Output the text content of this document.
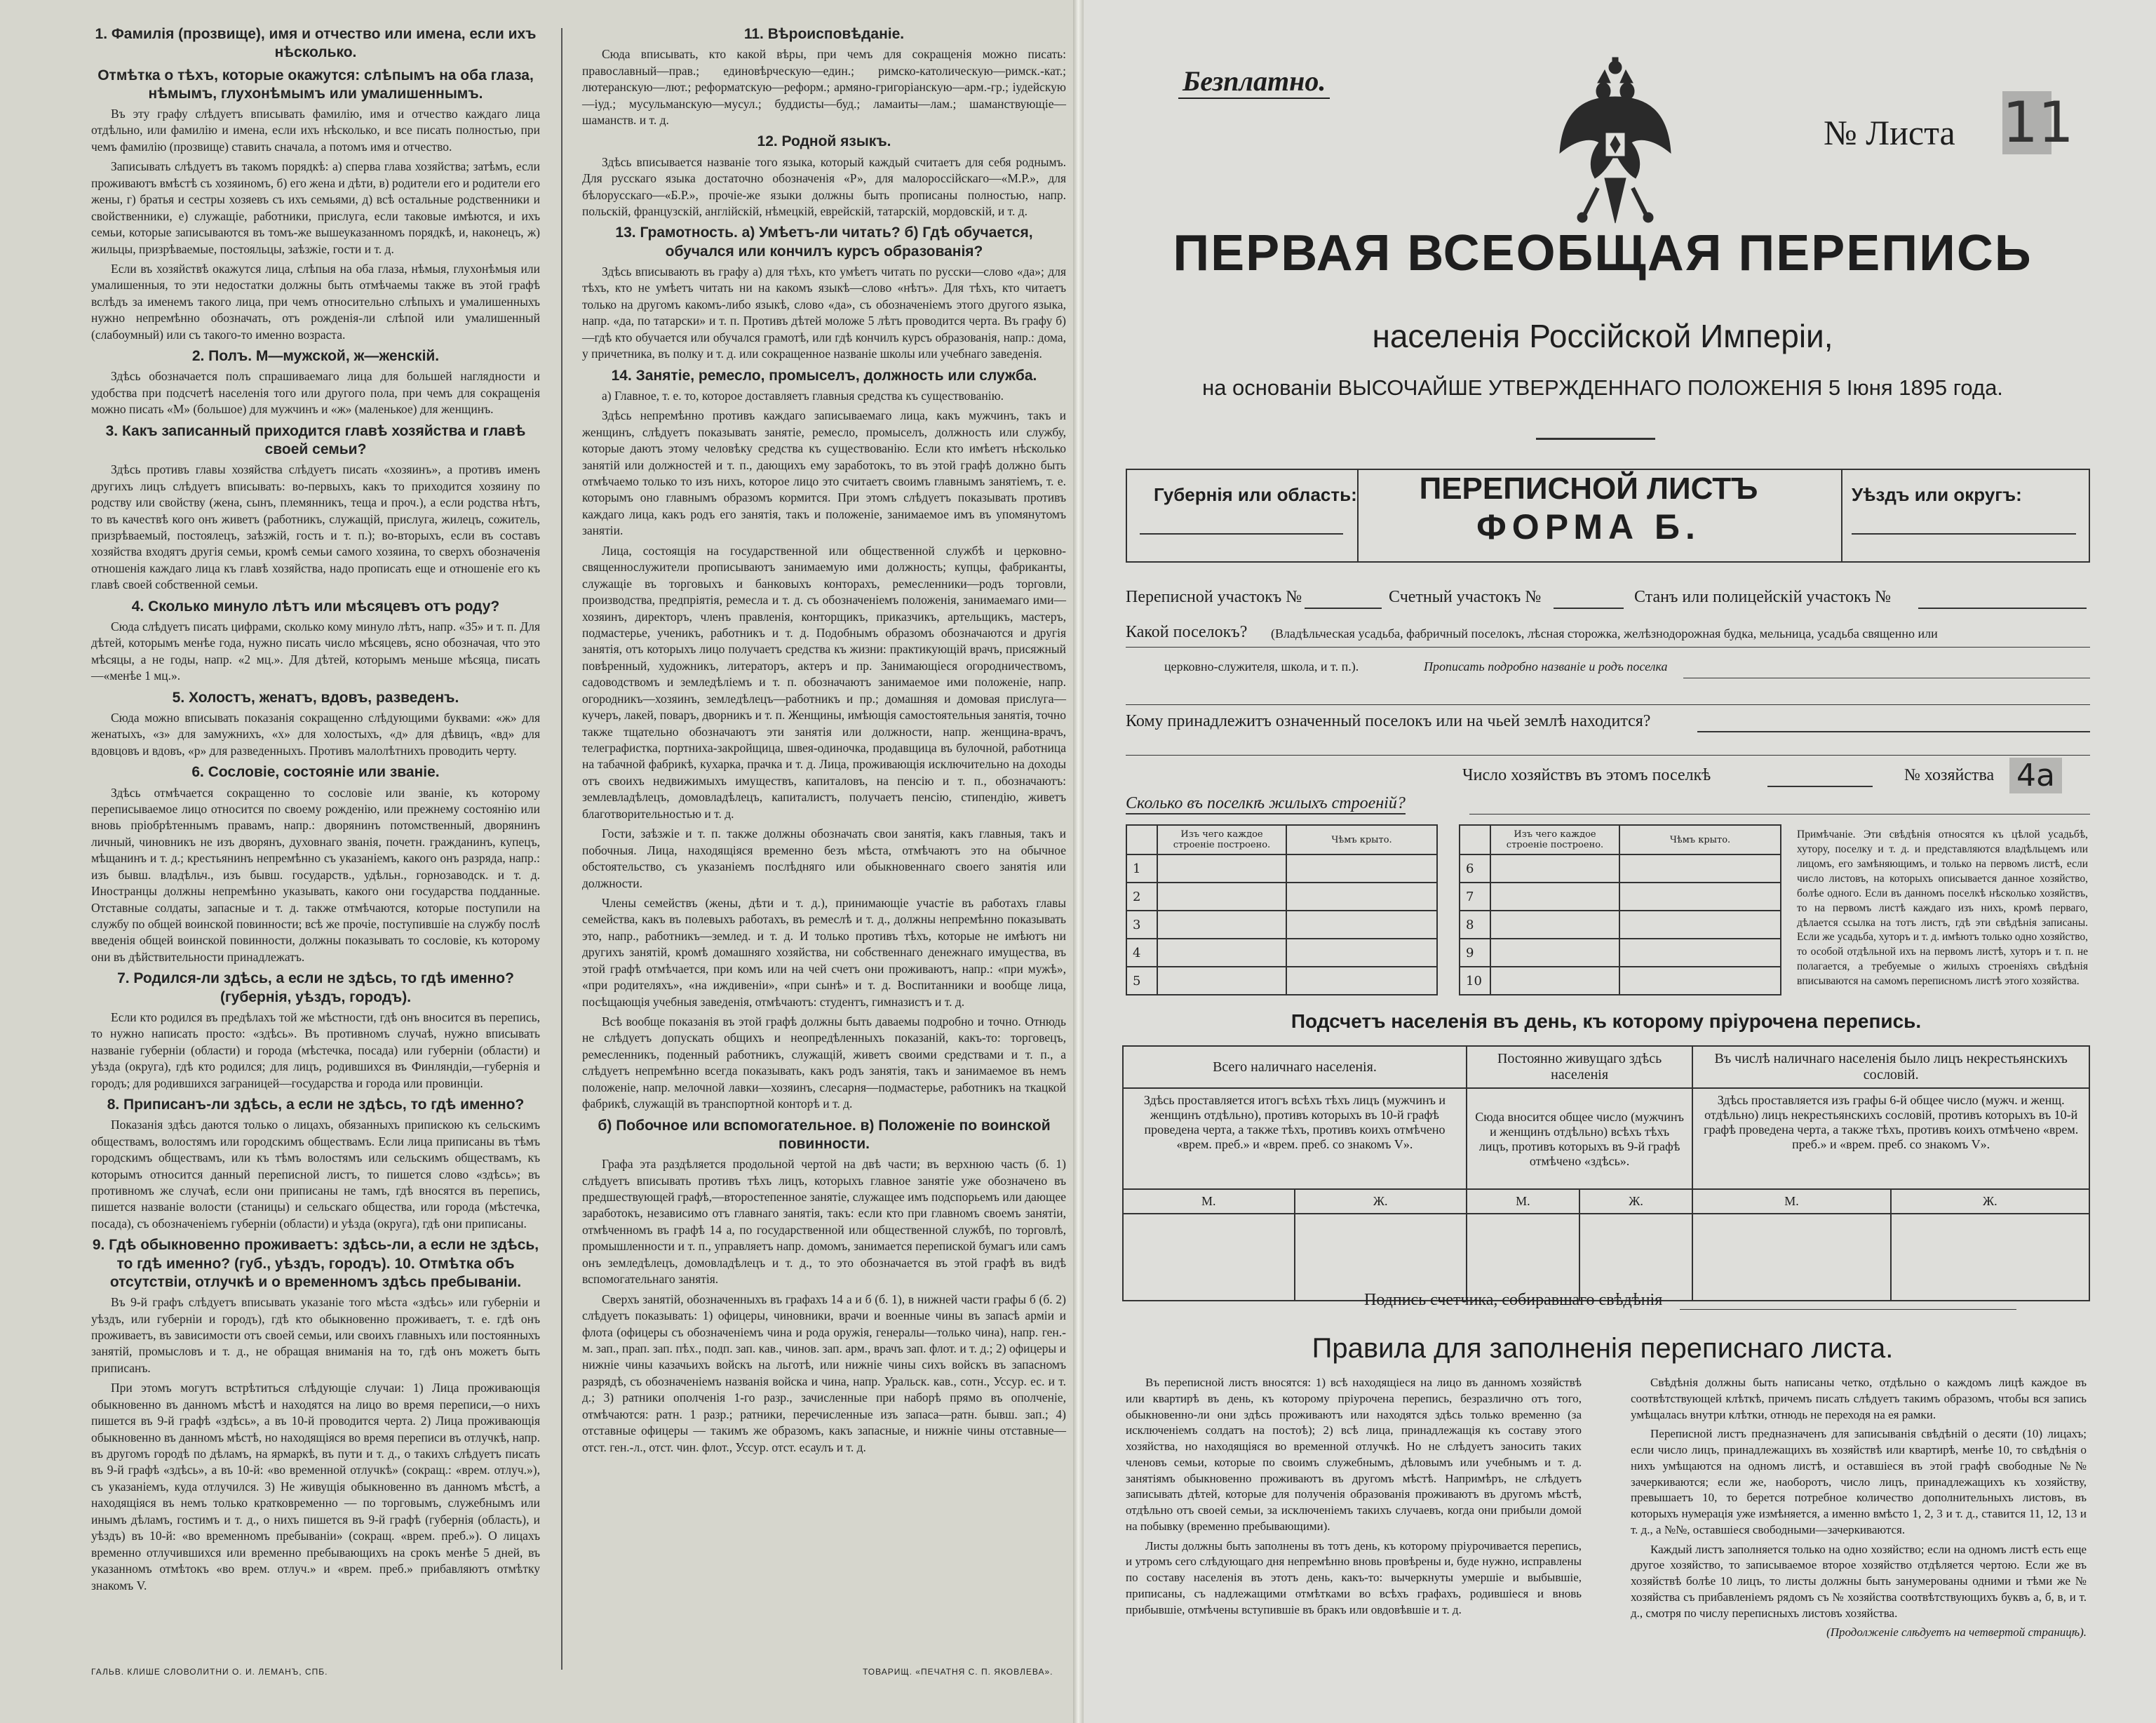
1. Фамилія (прозвище), имя и отчество или имена, если ихъ нѣсколько.
Отмѣтка о тѣхъ, которые окажутся: слѣпымъ на оба глаза, нѣмымъ, глухонѣмымъ или умалишеннымъ.
Въ эту графу слѣдуетъ вписывать фамилію, имя и отчество каждаго лица отдѣльно, или фамилію и имена, если ихъ нѣсколько, и все писать полностью, при чемъ фамилію (прозвище) ставить сначала, а потомъ имя и отчество.
Записывать слѣдуетъ въ такомъ порядкѣ: а) сперва глава хозяйства; затѣмъ, если проживаютъ вмѣстѣ съ хозяиномъ, б) его жена и дѣти, в) родители его и родители его жены, г) братья и сестры хозяевъ съ ихъ семьями, д) всѣ остальные родственники и свойственники, е) служащіе, работники, прислуга, если таковые имѣются, и ихъ семьи, которые записываются въ томъ-же вышеуказанномъ порядкѣ, и, наконецъ, ж) жильцы, призрѣваемые, постояльцы, заѣзжіе, гости и т. д.
Если въ хозяйствѣ окажутся лица, слѣпыя на оба глаза, нѣмыя, глухонѣмыя или умалишенныя, то эти недостатки должны быть отмѣчаемы также въ этой графѣ вслѣдъ за именемъ такого лица, при чемъ относительно слѣпыхъ и умалишенныхъ нужно непремѣнно обозначать, отъ рожденія-ли слѣпой или умалишенный (слабоумный) или съ такого-то именно возраста.
2. Полъ. М—мужской, ж—женскій.
Здѣсь обозначается полъ спрашиваемаго лица для большей наглядности и удобства при подсчетѣ населенія того или другого пола, при чемъ для сокращенія можно писать «М» (большое) для мужчинъ и «ж» (маленькое) для женщинъ.
3. Какъ записанный приходится главѣ хозяйства и главѣ своей семьи?
Здѣсь противъ главы хозяйства слѣдуетъ писать «хозяинъ», а противъ именъ другихъ лицъ слѣдуетъ вписывать: во-первыхъ, какъ то приходится хозяину по родству или свойству (жена, сынъ, племянникъ, теща и проч.), а если родства нѣтъ, то въ качествѣ кого онъ живетъ (работникъ, служащій, прислуга, жилецъ, сожитель, призрѣваемый, постоялецъ, заѣзжій, гость и т. п.); во-вторыхъ, если въ составъ хозяйства входятъ другія семьи, кромѣ семьи самого хозяина, то сверхъ обозначенія отношенія каждаго лица къ главѣ хозяйства, надо прописать еще и отношеніе его къ главѣ своей собственной семьи.
4. Сколько минуло лѣтъ или мѣсяцевъ отъ роду?
Сюда слѣдуетъ писать цифрами, сколько кому минуло лѣтъ, напр. «35» и т. п. Для дѣтей, которымъ менѣе года, нужно писать число мѣсяцевъ, ясно обозначая, что это мѣсяцы, а не годы, напр. «2 мц.». Для дѣтей, которымъ меньше мѣсяца, писать—«менѣе 1 мц.».
5. Холостъ, женатъ, вдовъ, разведенъ.
Сюда можно вписывать показанія сокращенно слѣдующими буквами: «ж» для женатыхъ, «з» для замужнихъ, «х» для холостыхъ, «д» для дѣвицъ, «вд» для вдовцовъ и вдовъ, «р» для разведенныхъ. Противъ малолѣтнихъ проводить черту.
6. Сословіе, состояніе или званіе.
Здѣсь отмѣчается сокращенно то сословіе или званіе, къ которому переписываемое лицо относится по своему рожденію, или прежнему состоянію или вновь пріобрѣтеннымъ правамъ, напр.: дворянинъ потомственный, дворянинъ личный, чиновникъ не изъ дворянъ, духовнаго званія, почетн. гражданинъ, купецъ, мѣщанинъ и т. д.; крестьянинъ непремѣнно съ указаніемъ, какого онъ разряда, напр.: изъ бывш. владѣльч., изъ бывш. государств., удѣльн., горнозаводск. и т. д. Иностранцы должны непремѣнно указывать, какого они государства подданные. Отставные солдаты, запасные и т. д. также отмѣчаются, которые поступили на службу по общей воинской повинности; всѣ же прочіе, поступившіе на службу послѣ введенія общей воинской повинности, должны показывать то сословіе, къ которому они въ дѣйствительности принадлежатъ.
7. Родился-ли здѣсь, а если не здѣсь, то гдѣ именно? (губернія, уѣздъ, городъ).
Если кто родился въ предѣлахъ той же мѣстности, гдѣ онъ вносится въ перепись, то нужно написать просто: «здѣсь». Въ противномъ случаѣ, нужно вписывать названіе губерніи (области) и города (мѣстечка, посада) или губерніи (области) и уѣзда (округа), гдѣ кто родился; для лицъ, родившихся въ Финляндіи,—губернія и городъ; для родившихся заграницей—государства и города или провинціи.
8. Приписанъ-ли здѣсь, а если не здѣсь, то гдѣ именно?
Показанія здѣсь даются только о лицахъ, обязанныхъ припискою къ сельскимъ обществамъ, волостямъ или городскимъ обществамъ. Если лица приписаны въ тѣмъ городскимъ обществамъ, или къ тѣмъ волостямъ или сельскимъ обществамъ, къ которымъ относится данный переписной листъ, то пишется слово «здѣсь»; въ противномъ же случаѣ, если они приписаны не тамъ, гдѣ вносятся въ перепись, пишется названіе волости (станицы) и сельскаго общества, или города (мѣстечка, посада), съ обозначеніемъ губерніи (области) и уѣзда (округа), гдѣ они приписаны.
9. Гдѣ обыкновенно проживаетъ: здѣсь-ли, а если не здѣсь, то гдѣ именно? (губ., уѣздъ, городъ). 10. Отмѣтка объ отсутствіи, отлучкѣ и о временномъ здѣсь пребываніи.
Въ 9-й графъ слѣдуетъ вписывать указаніе того мѣста «здѣсь» или губерніи и уѣздъ, или губерніи и городъ), гдѣ кто обыкновенно проживаетъ, т. е. гдѣ онъ проживаетъ, въ зависимости отъ своей семьи, или своихъ главныхъ или постоянныхъ занятій, промысловъ и т. д., не обращая вниманія на то, гдѣ онъ можетъ быть приписанъ.
При этомъ могутъ встрѣтиться слѣдующіе случаи: 1) Лица проживающія обыкновенно въ данномъ мѣстѣ и находятся на лицо во время переписи,—о нихъ пишется въ 9-й графѣ «здѣсь», а въ 10-й проводится черта. 2) Лица проживающія обыкновенно въ данномъ мѣстѣ, но находящіяся во время переписи въ отлучкѣ, напр. въ другомъ городѣ по дѣламъ, на ярмаркѣ, въ пути и т. д., о такихъ слѣдуетъ писать въ 9-й графѣ «здѣсь», а въ 10-й: «во временной отлучкѣ» (сокращ.: «врем. отлуч.»), съ указаніемъ, куда отлучился. 3) Не живущія обыкновенно въ данномъ мѣстѣ, а находящіяся въ немъ только кратковременно — по торговымъ, служебнымъ или инымъ дѣламъ, гостимъ и т. д., о нихъ пишется въ 9-й графѣ (губернія (область), и уѣздъ) въ 10-й: «во временномъ пребываніи» (сокращ. «врем. преб.»). О лицахъ временно отлучившихся или временно пребывающихъ на срокъ менѣе 5 дней, въ указанномъ отмѣтокъ «во врем. отлуч.» и «врем. преб.» прибавляютъ отмѣтку знакомъ V.
11. Вѣроисповѣданіе.
Сюда вписывать, кто какой вѣры, при чемъ для сокращенія можно писать: православный—прав.; единовѣрческую—един.; римско-католическую—римск.-кат.; лютеранскую—лют.; реформатскую—реформ.; армяно-григоріанскую—арм.-гр.; іудейскую—іуд.; мусульманскую—мусул.; буддисты—буд.; ламаиты—лам.; шаманствующіе—шаманств. и т. д.
12. Родной языкъ.
Здѣсь вписывается названіе того языка, который каждый считаетъ для себя роднымъ. Для русскаго языка достаточно обозначенія «Р», для малороссійскаго—«М.Р.», для бѣлорусскаго—«Б.Р.», прочіе-же языки должны быть прописаны полностью, напр. польскій, французскій, англійскій, нѣмецкій, еврейскій, татарскій, мордовскій, и т. д.
13. Грамотность. а) Умѣетъ-ли читать? б) Гдѣ обучается, обучался или кончилъ курсъ образованія?
Здѣсь вписывають въ графу а) для тѣхъ, кто умѣетъ читать по русски—слово «да»; для тѣхъ, кто не умѣетъ читать ни на какомъ языкѣ—слово «нѣтъ». Для тѣхъ, кто читаетъ только на другомъ какомъ-либо языкѣ, слово «да», съ обозначеніемъ этого другого языка, напр. «да, по татарски» и т. п. Противъ дѣтей моложе 5 лѣтъ проводится черта. Въ графу б)—гдѣ кто обучается или обучался грамотѣ, или гдѣ кончилъ курсъ образованія, напр.: дома, у причетника, въ полку и т. д. или сокращенное названіе школы или учебнаго заведенія.
14. Занятіе, ремесло, промыселъ, должность или служба.
а) Главное, т. е. то, которое доставляетъ главныя средства къ существованію.
Здѣсь непремѣнно противъ каждаго записываемаго лица, какъ мужчинъ, такъ и женщинъ, слѣдуетъ показывать занятіе, ремесло, промыселъ, должность или службу, которые даютъ этому человѣку средства къ существованію. Если кто имѣетъ нѣсколько занятій или должностей и т. п., дающихъ ему заработокъ, то въ этой графѣ должно быть отмѣчаемо только то изъ нихъ, которое лицо это считаетъ своимъ главнымъ занятіемъ, т. е. которымъ оно главнымъ образомъ кормится. При этомъ слѣдуетъ показывать противъ каждаго лица, какъ родъ его занятія, такъ и положеніе, занимаемое имъ въ упомянутомъ занятіи.
Лица, состоящія на государственной или общественной службѣ и церковно-священнослужители прописываютъ занимаемую ими должность; купцы, фабриканты, служащіе въ торговыхъ и банковыхъ конторахъ, ремесленники—родъ торговли, производства, предпріятія, ремесла и т. д. съ обозначеніемъ положенія, занимаемаго ими—хозяинъ, директоръ, членъ правленія, конторщикъ, приказчикъ, артельщикъ, мастеръ, подмастерье, ученикъ, работникъ и т. д. Подобнымъ образомъ обозначаются и другія занятія, отъ которыхъ лицо получаетъ средства къ жизни: практикующій врачъ, присяжный повѣренный, художникъ, литераторъ, актеръ и пр. Занимающіеся огородничествомъ, садоводствомъ и земледѣліемъ и т. п. обозначаютъ занимаемое ими положеніе, напр. огородникъ—хозяинъ, земледѣлецъ—работникъ и пр.; домашняя и домовая прислуга—кучеръ, лакей, поваръ, дворникъ и т. п. Женщины, имѣющія самостоятельныя занятія, точно также тщательно обозначаютъ эти занятія или должности, напр. женщина-врачъ, телеграфистка, портниха-закройщица, швея-одиночка, продавщица въ булочной, работница на табачной фабрикѣ, кухарка, прачка и т. д. Лица, проживающія исключительно на доходы отъ своихъ недвижимыхъ имуществъ, капиталовъ, на пенсію и т. п., обозначаютъ: землевладѣлецъ, домовладѣлецъ, капиталистъ, получаетъ пенсію, стипендію, живетъ благотворительностью и т. д.
Гости, заѣзжіе и т. п. также должны обозначать свои занятія, какъ главныя, такъ и побочныя. Лица, находящіяся временно безъ мѣста, отмѣчаютъ это на обычное обстоятельство, съ указаніемъ послѣдняго или обыкновеннаго своего занятія или должности.
Члены семействъ (жены, дѣти и т. д.), принимающіе участіе въ работахъ главы семейства, какъ въ полевыхъ работахъ, въ ремеслѣ и т. д., должны непремѣнно показывать это, напр., работникъ—землед. и т. д. И только противъ тѣхъ, которые не имѣютъ ни другихъ занятій, кромѣ домашняго хозяйства, ни собственнаго денежнаго имущества, въ этой графѣ отмѣчается, при комъ или на чей счетъ они проживаютъ, напр.: «при мужѣ», «при родителяхъ», «на иждивеніи», «при сынѣ» и т. д. Воспитанники и вообще лица, посѣщающія учебныя заведенія, отмѣчаютъ: студентъ, гимназистъ и т. д.
Всѣ вообще показанія въ этой графѣ должны быть даваемы подробно и точно. Отнюдь не слѣдуетъ допускать общихъ и неопредѣленныхъ показаній, какъ-то: торговецъ, ремесленникъ, поденный работникъ, служащій, живетъ своими средствами и т. п., а слѣдуетъ непремѣнно всегда показывать, какъ родъ занятія, такъ и занимаемое въ немъ положеніе, напр. мелочной лавки—хозяинъ, слесарня—подмастерье, работникъ на ткацкой фабрикѣ, служащій въ транспортной конторѣ и т. д.
б) Побочное или вспомогательное. в) Положеніе по воинской повинности.
Графа эта раздѣляется продольной чертой на двѣ части; въ верхнюю часть (б. 1) слѣдуетъ вписывать противъ тѣхъ лицъ, которыхъ главное занятіе уже обозначено въ предшествующей графѣ,—второстепенное занятіе, служащее имъ подспорьемъ или дающее заработокъ, независимо отъ главнаго занятія, такъ: если кто при главномъ своемъ занятіи, отмѣченномъ въ графѣ 14 а, по государственной или общественной службѣ, по торговлѣ, промышленности и т. п., управляетъ напр. домомъ, занимается перепиской бумагъ или самъ онъ земледѣлецъ, домовладѣлецъ и т. д., то это обозначается въ этой графѣ въ видѣ вспомогательнаго занятія.
Сверхъ занятій, обозначенныхъ въ графахъ 14 а и б (б. 1), в нижней части графы б (б. 2) слѣдуетъ показывать: 1) офицеры, чиновники, врачи и военные чины въ запасѣ арміи и флота (офицеры съ обозначеніемъ чина и рода оружія, генералы—только чина), напр. ген.-м. зап., прап. зап. пѣх., подп. зап. кав., чинов. зап. арм., врачъ зап. флот. и т. д.; 2) офицеры и нижніе чины казачьихъ войскъ на льготѣ, или нижніе чины сихъ войскъ въ запасномъ разрядѣ, съ обозначеніемъ названія войска и чина, напр. Уральск. кав., сотн., Уссур. ес. и т. д.; 3) ратники ополченія 1-го разр., зачисленные при наборѣ прямо въ ополченіе, отмѣчаются: ратн. 1 разр.; ратники, перечисленные изъ запаса—ратн. бывш. зап.; 4) отставные офицеры — такимъ же образомъ, какъ запасные, и нижніе чины отставные—отст. ген.-л., отст. чин. флот., Уссур. отст. есаулъ и т. д.
ГАЛЬВ. КЛИШЕ СЛОВОЛИТНИ О. И. ЛЕМАНЪ, СПБ.	ТОВАРИЩ. «ПЕЧАТНЯ С. П. ЯКОВЛЕВА».
Безплатно.
№ Листа 11
ПЕРВАЯ ВСЕОБЩАЯ ПЕРЕПИСЬ
населенія Россійской Имперіи,
на основаніи ВЫСОЧАЙШЕ УТВЕРЖДЕННАГО ПОЛОЖЕНІЯ 5 Іюня 1895 года.
Губернія или область:	Уѣздъ или округъ:
ПЕРЕПИСНОЙ ЛИСТЪ
ФОРМА Б.
Переписной участокъ №	Счетный участокъ №	Станъ или полицейскій участокъ №
Какой поселокъ? (Владѣльческая усадьба, фабричный поселокъ, лѣсная сторожка, желѣзнодорожная будка, мельница, усадьба священно или
церковно-служителя, школа, и т. п.).	Прописать подробно названіе и родъ поселка
Кому принадлежитъ означенный поселокъ или на чьей землѣ находится?
Число хозяйствъ въ этомъ поселкѣ	№ хозяйства 4а
Сколько въ поселкѣ жилыхъ строеній?
	Изъ чего каждое строеніе построено.	Чѣмъ крыто.
1		
2		
3		
4		
5		
	Изъ чего каждое строеніе построено.	Чѣмъ крыто.
6		
7		
8		
9		
10		
Примѣчаніе. Эти свѣдѣнія относятся къ цѣлой усадьбѣ, хутору, поселку и т. д. и представляются владѣльцемъ или лицомъ, его замѣняющимъ, и только на первомъ листѣ, если число листовъ, на которыхъ описывается данное хозяйство, болѣе одного. Если въ данномъ поселкѣ нѣсколько хозяйствъ, то на первомъ листѣ каждаго изъ нихъ, кромѣ перваго, дѣлается ссылка на тотъ листъ, гдѣ эти свѣдѣнія записаны. Если же усадьба, хуторъ и т. д. имѣютъ только одно хозяйство, то особой отдѣльной ихъ на первомъ листѣ, хуторъ и т. п. не полагается, а требуемые о жилыхъ строеніяхъ свѣдѣнія вписываются на самомъ переписномъ листѣ этого хозяйства.
Подсчетъ населенія въ день, къ которому пріурочена перепись.
Всего наличнаго населенія.		Постоянно живущаго здѣсь населенія		Въ числѣ наличнаго населенія было лицъ некрестьянскихъ сословій.	
Здѣсь проставляется итогъ всѣхъ тѣхъ лицъ (мужчинъ и женщинъ отдѣльно), противъ которыхъ въ 10-й графѣ проведена черта, а также тѣхъ, противъ коихъ отмѣчено «врем. преб.» и «врем. преб. со знакомъ V».		Сюда вносится общее число (мужчинъ и женщинъ отдѣльно) всѣхъ тѣхъ лицъ, противъ которыхъ въ 9-й графѣ отмѣчено «здѣсь».		Здѣсь проставляется изъ графы 6-й общее число (мужч. и женщ. отдѣльно) лицъ некрестьянскихъ сословій, противъ которыхъ въ 10-й графѣ проведена черта, а также тѣхъ, противъ коихъ отмѣчено «врем. преб.» и «врем. преб. со знакомъ V».	
М.	Ж.	М.	Ж.	М.	Ж.

Подпись счетчика, собиравшаго свѣдѣнія
Правила для заполненія переписнаго листа.
Въ переписной листъ вносятся: 1) всѣ находящіеся на лицо въ данномъ хозяйствѣ или квартирѣ въ день, къ которому пріурочена перепись, безразлично отъ того, обыкновенно-ли они здѣсь проживаютъ или находятся здѣсь только временно (за исключеніемъ солдатъ на постоѣ); 2) всѣ лица, принадлежащія къ составу этого хозяйства, но находящіяся во временной отлучкѣ. Но не слѣдуетъ заносить таких членовъ семьи, которые по своимъ служебнымъ, дѣловымъ или учебнымъ и т. д. занятіямъ обыкновенно проживаютъ въ другомъ мѣстѣ. Напримѣръ, не слѣдуетъ записывать дѣтей, которые для полученія образованія проживаютъ въ другомъ мѣстѣ, отдѣльно отъ своей семьи, за исключеніемъ такихъ случаевъ, когда они прибыли домой на побывку (временно пребывающими).
Листы должны быть заполнены въ тотъ день, къ которому пріурочивается перепись, и утромъ сего слѣдующаго дня непремѣнно вновь провѣрены и, буде нужно, исправлены по составу населенія въ этотъ день, какъ-то: вычеркнуты умершіе и выбывшіе, приписаны, съ надлежащими отмѣтками во всѣхъ графахъ, родившіеся и вновь прибывшіе, отмѣчены вступившіе въ бракъ или овдовѣвшіе и т. д.
Свѣдѣнія должны быть написаны четко, отдѣльно о каждомъ лицѣ каждое въ соотвѣтствующей клѣткѣ, причемъ писать слѣдуетъ такимъ образомъ, чтобы вся запись умѣщалась внутри клѣтки, отнюдь не переходя на ея рамки.
Переписной листъ предназначенъ для записыванія свѣдѣній о десяти (10) лицахъ; если число лицъ, принадлежащихъ въ хозяйствѣ или квартирѣ, менѣе 10, то свѣдѣнія о нихъ умѣщаются на одномъ листѣ, и оставшіеся въ этой графѣ свободные №№ зачеркиваются; если же, наоборотъ, число лицъ, принадлежащихъ къ хозяйству, превышаетъ 10, то берется потребное количество дополнительныхъ листовъ, въ которыхъ нумерація уже измѣняется, а именно вмѣсто 1, 2, 3 и т. д., ставится 11, 12, 13 и т. д., а №№, оставшіеся свободными—зачеркиваются.
Каждый листъ заполняется только на одно хозяйство; если на одномъ листѣ есть еще другое хозяйство, то записываемое второе хозяйство отдѣляется чертою. Если же въ хозяйствѣ болѣе 10 лицъ, то листы должны быть занумерованы одними и тѣми же № хозяйства съ прибавленіемъ рядомъ съ № хозяйства соотвѣтствующихъ буквъ а, б, в, и т. д., смотря по числу переписныхъ листовъ хозяйства.
(Продолженіе слѣдуетъ на четвертой страницѣ).
